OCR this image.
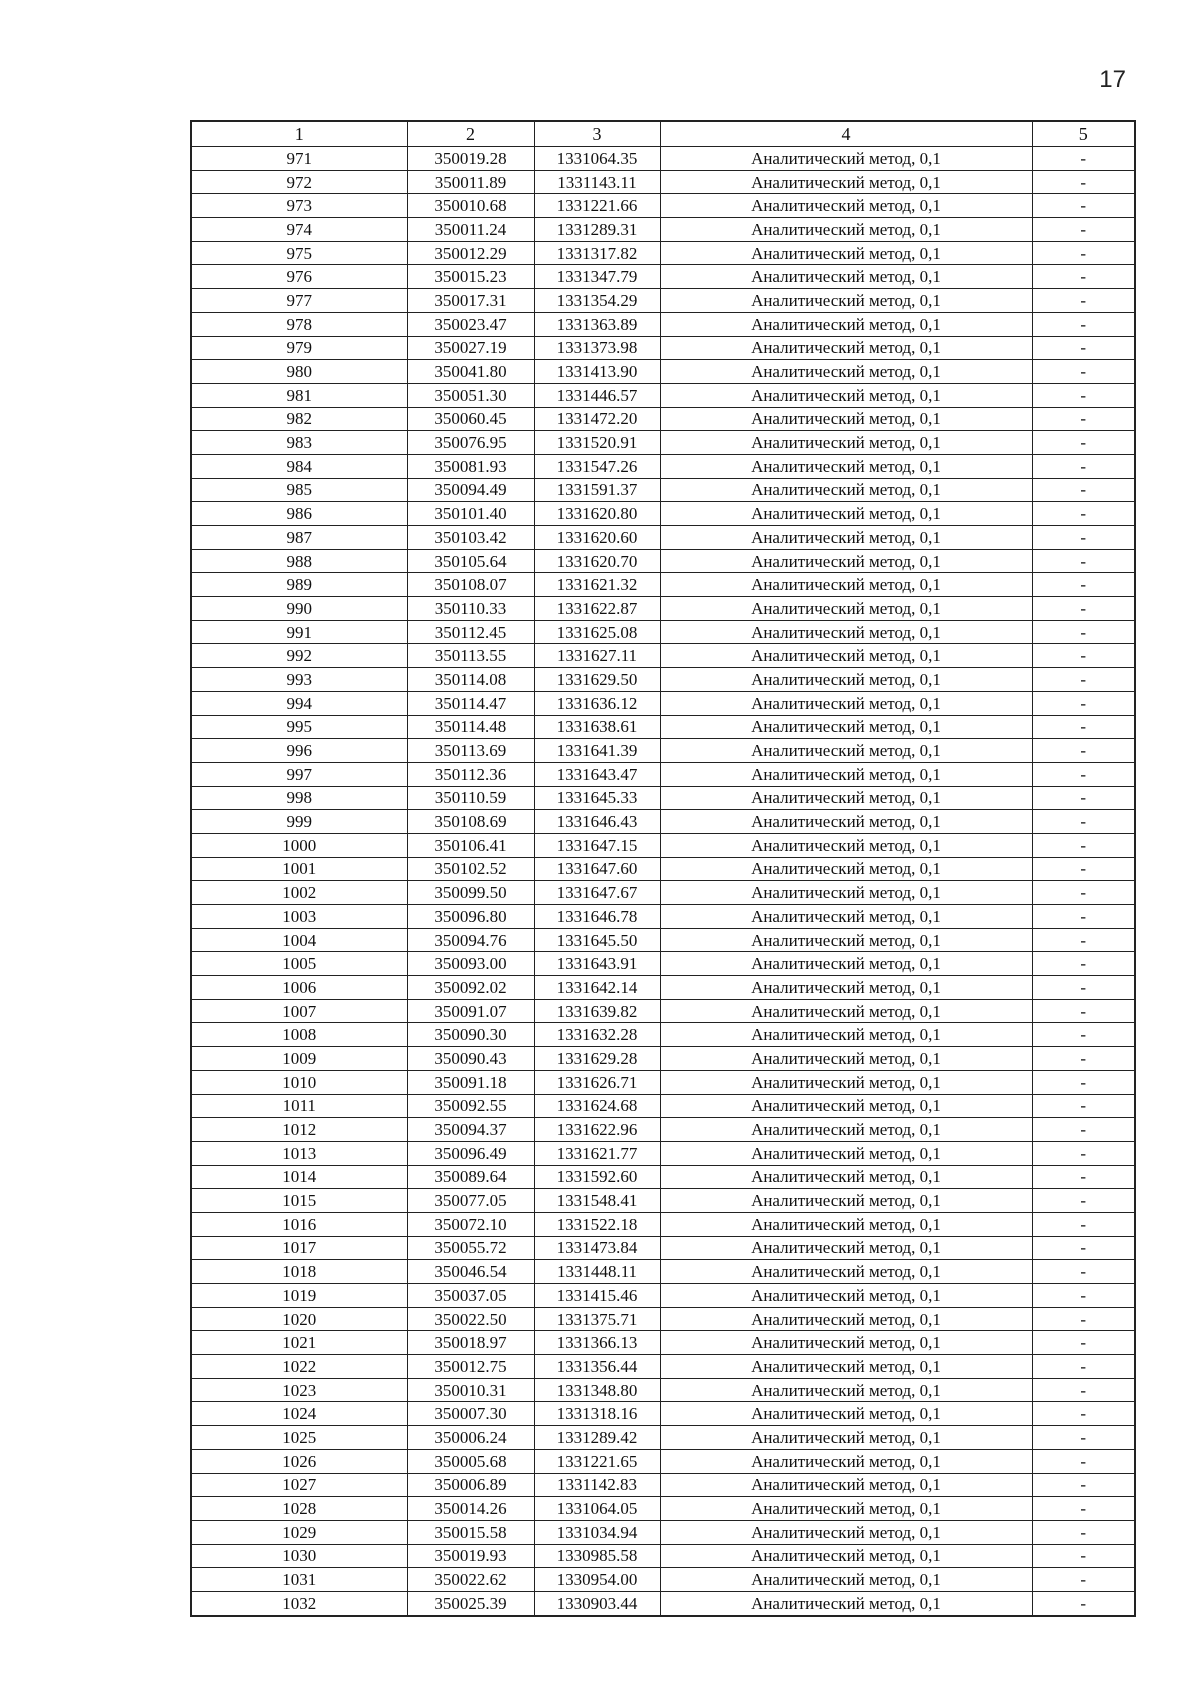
17
1	2	3	4	5
971	350019.28	1331064.35	Аналитический метод, 0,1	-
972	350011.89	1331143.11	Аналитический метод, 0,1	-
973	350010.68	1331221.66	Аналитический метод, 0,1	-
974	350011.24	1331289.31	Аналитический метод, 0,1	-
975	350012.29	1331317.82	Аналитический метод, 0,1	-
976	350015.23	1331347.79	Аналитический метод, 0,1	-
977	350017.31	1331354.29	Аналитический метод, 0,1	-
978	350023.47	1331363.89	Аналитический метод, 0,1	-
979	350027.19	1331373.98	Аналитический метод, 0,1	-
980	350041.80	1331413.90	Аналитический метод, 0,1	-
981	350051.30	1331446.57	Аналитический метод, 0,1	-
982	350060.45	1331472.20	Аналитический метод, 0,1	-
983	350076.95	1331520.91	Аналитический метод, 0,1	-
984	350081.93	1331547.26	Аналитический метод, 0,1	-
985	350094.49	1331591.37	Аналитический метод, 0,1	-
986	350101.40	1331620.80	Аналитический метод, 0,1	-
987	350103.42	1331620.60	Аналитический метод, 0,1	-
988	350105.64	1331620.70	Аналитический метод, 0,1	-
989	350108.07	1331621.32	Аналитический метод, 0,1	-
990	350110.33	1331622.87	Аналитический метод, 0,1	-
991	350112.45	1331625.08	Аналитический метод, 0,1	-
992	350113.55	1331627.11	Аналитический метод, 0,1	-
993	350114.08	1331629.50	Аналитический метод, 0,1	-
994	350114.47	1331636.12	Аналитический метод, 0,1	-
995	350114.48	1331638.61	Аналитический метод, 0,1	-
996	350113.69	1331641.39	Аналитический метод, 0,1	-
997	350112.36	1331643.47	Аналитический метод, 0,1	-
998	350110.59	1331645.33	Аналитический метод, 0,1	-
999	350108.69	1331646.43	Аналитический метод, 0,1	-
1000	350106.41	1331647.15	Аналитический метод, 0,1	-
1001	350102.52	1331647.60	Аналитический метод, 0,1	-
1002	350099.50	1331647.67	Аналитический метод, 0,1	-
1003	350096.80	1331646.78	Аналитический метод, 0,1	-
1004	350094.76	1331645.50	Аналитический метод, 0,1	-
1005	350093.00	1331643.91	Аналитический метод, 0,1	-
1006	350092.02	1331642.14	Аналитический метод, 0,1	-
1007	350091.07	1331639.82	Аналитический метод, 0,1	-
1008	350090.30	1331632.28	Аналитический метод, 0,1	-
1009	350090.43	1331629.28	Аналитический метод, 0,1	-
1010	350091.18	1331626.71	Аналитический метод, 0,1	-
1011	350092.55	1331624.68	Аналитический метод, 0,1	-
1012	350094.37	1331622.96	Аналитический метод, 0,1	-
1013	350096.49	1331621.77	Аналитический метод, 0,1	-
1014	350089.64	1331592.60	Аналитический метод, 0,1	-
1015	350077.05	1331548.41	Аналитический метод, 0,1	-
1016	350072.10	1331522.18	Аналитический метод, 0,1	-
1017	350055.72	1331473.84	Аналитический метод, 0,1	-
1018	350046.54	1331448.11	Аналитический метод, 0,1	-
1019	350037.05	1331415.46	Аналитический метод, 0,1	-
1020	350022.50	1331375.71	Аналитический метод, 0,1	-
1021	350018.97	1331366.13	Аналитический метод, 0,1	-
1022	350012.75	1331356.44	Аналитический метод, 0,1	-
1023	350010.31	1331348.80	Аналитический метод, 0,1	-
1024	350007.30	1331318.16	Аналитический метод, 0,1	-
1025	350006.24	1331289.42	Аналитический метод, 0,1	-
1026	350005.68	1331221.65	Аналитический метод, 0,1	-
1027	350006.89	1331142.83	Аналитический метод, 0,1	-
1028	350014.26	1331064.05	Аналитический метод, 0,1	-
1029	350015.58	1331034.94	Аналитический метод, 0,1	-
1030	350019.93	1330985.58	Аналитический метод, 0,1	-
1031	350022.62	1330954.00	Аналитический метод, 0,1	-
1032	350025.39	1330903.44	Аналитический метод, 0,1	-
